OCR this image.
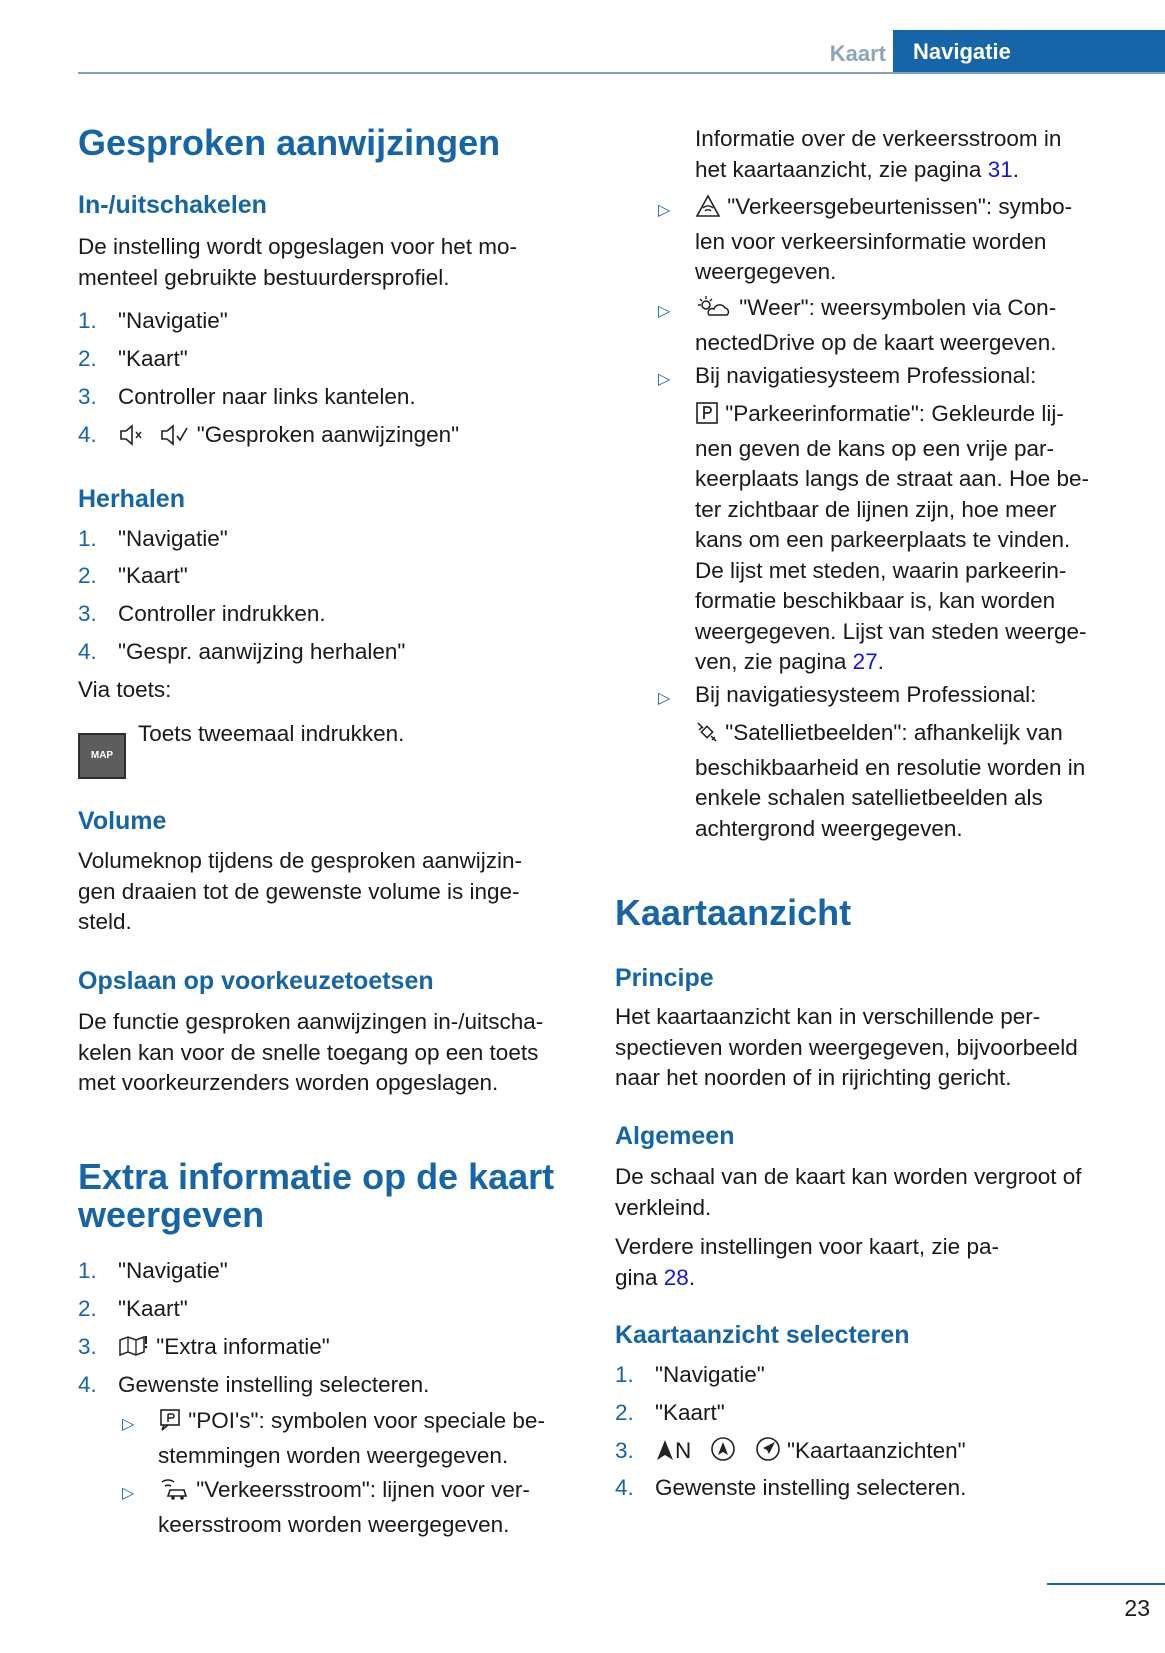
Kaart	Navigatie
Gesproken aanwijzingen
In-/uitschakelen

De instelling wordt opgeslagen voor het mo-
menteel gebruikte bestuurdersprofiel.

1. "Navigatie"
2. "Kaart"
3. Controller naar links kantelen.
4.	"Gesproken aanwijzingen"
Herhalen
1. "Navigatie"
2. "Kaart"
3. Controller indrukken.
4. "Gespr. aanwijzing herhalen"
Via toets:
MAP
Toets tweemaal indrukken.
Volume

Volumeknop tijdens de gesproken aanwijzin-
gen draaien tot de gewenste volume is inge-
steld.

Opslaan op voorkeuzetoetsen

De functie gesproken aanwijzingen in-/uitscha-
kelen kan voor de snelle toegang op een toets
met voorkeurzenders worden opgeslagen.

Extra informatie op de kaart
weergeven
1. "Navigatie"
2. "Kaart"
3.	"Extra informatie"
4. Gewenste instelling selecteren.
▷	"POI's": symbolen voor speciale be-
stemmingen worden weergegeven.
▷	"Verkeersstroom": lijnen voor ver-
keersstroom worden weergegeven.

Informatie over de verkeersstroom in
het kaartaanzicht, zie pagina 31.

▷	"Verkeersgebeurtenissen": symbo-
len voor verkeersinformatie worden
weergegeven.
▷	"Weer": weersymbolen via Con-
nectedDrive op de kaart weergeven.
▷ Bij navigatiesysteem Professional:
"Parkeerinformatie": Gekleurde lij-
nen geven de kans op een vrije par-
keerplaats langs de straat aan. Hoe be-
ter zichtbaar de lijnen zijn, hoe meer
kans om een parkeerplaats te vinden.
De lijst met steden, waarin parkeerin-
formatie beschikbaar is, kan worden
weergegeven. Lijst van steden weerge-
ven, zie pagina 27.
▷ Bij navigatiesysteem Professional:
"Satellietbeelden": afhankelijk van
beschikbaarheid en resolutie worden in
enkele schalen satellietbeelden als
achtergrond weergegeven.
Kaartaanzicht
Principe

Het kaartaanzicht kan in verschillende per-
spectieven worden weergegeven, bijvoorbeeld
naar het noorden of in rijrichting gericht.

Algemeen

De schaal van de kaart kan worden vergroot of
verkleind.

Verdere instellingen voor kaart, zie pa-
gina 28.

Kaartaanzicht selecteren
1. "Navigatie"
2. "Kaart"
3. N	"Kaartaanzichten"
4. Gewenste instelling selecteren.
23
